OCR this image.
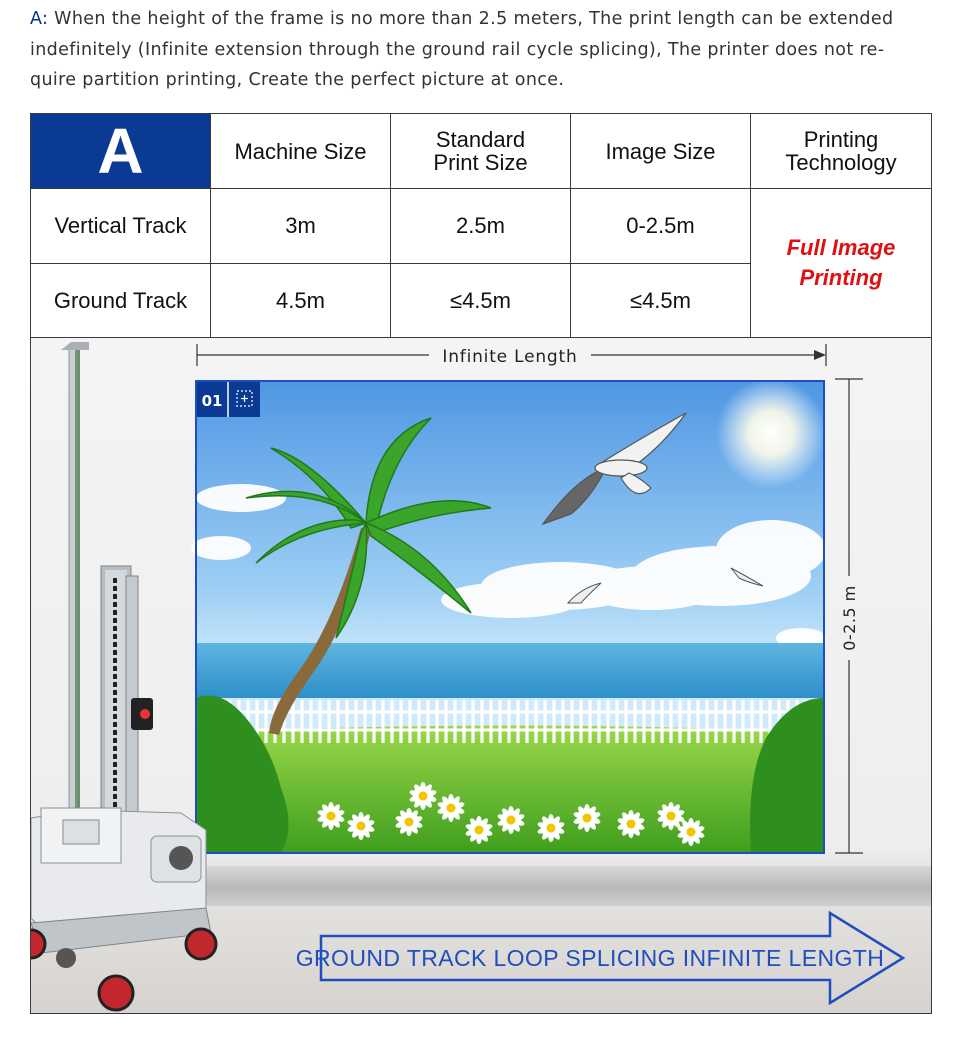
A: When the height of the frame is no more than 2.5 meters, The print length can be extended
indefinitely (Infinite extension through the ground rail cycle splicing), The printer does not re-
quire partition printing, Create the perfect picture at once.
A	Machine Size	Standard
Print Size	Image Size	Printing
Technology
Vertical Track	3m	2.5m	0-2.5m	Full Image
Printing
Ground Track	4.5m	≤4.5m	≤4.5m	
Infinite Length
0-2.5 m
01
GROUND TRACK LOOP SPLICING INFINITE LENGTH
